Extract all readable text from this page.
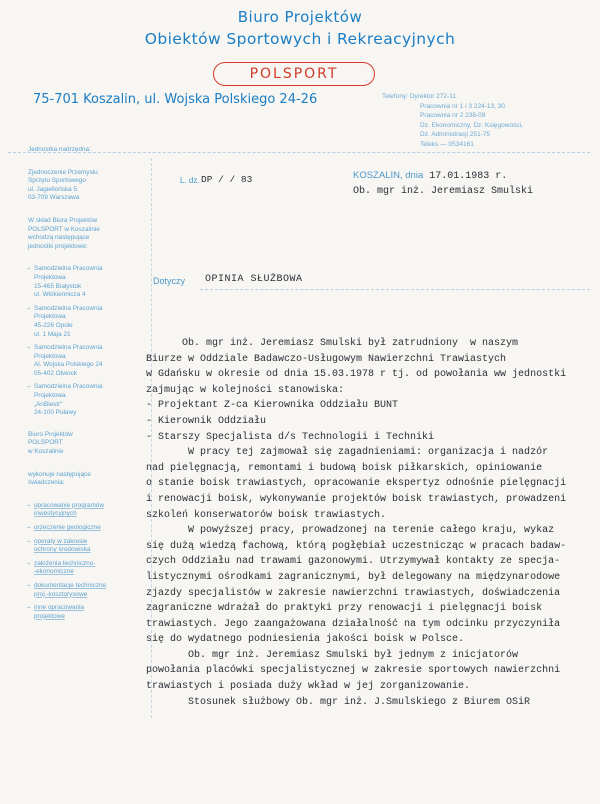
Biuro Projektów
Obiektów Sportowych i Rekreacyjnych
POLSPORT
75-701 Koszalin, ul. Wojska Polskiego 24-26	Telefony: Dyrektor 272-11
Pracownia nr 1 i 3 224-13, 30
Pracownia nr 2 238-09
Dz. Ekonomiczny, Dz. Księgowości,
Dz. Administracji 251-75
Teleks — 0534161
Jednostka nadrzędna:
Zjednoczenie Przemysłu
Sprzętu Sportowego
ul. Jagiellońska 5
03-709 Warszawa
W skład Biura Projektów
POLSPORT w Koszalinie
wchodzą następujące
jednostki projektowe:
– Samodzielna Pracownia
Projektowa
15-465 Białystok
ul. Włókiennicza 4
– Samodzielna Pracownia
Projektowa
45-226 Opole
ul. 1 Maja 21
– Samodzielna Pracownia
Projektowa
Al. Wojska Polskiego 24
05-402 Otwock
– Samodzielna Pracownia
Projektowa
„AnBiestr"
24-100 Puławy
Biuro Projektów
POLSPORT
w Koszalinie
wykonuje następujące
świadczenia:
– opracowanie programów
inwestycyjnych
– orzeczenie geologiczne
– operaty w zakresie
ochrony środowiska
– założenia techniczno-
-ekonomiczne
– dokumentacje techniczne
proj.-kosztorysowe
– inne opracowania
projektowe
L. dz. DP / / 83	KOSZALIN, dnia 17.01.1983 r.
Ob. mgr inż. Jeremiasz Smulski
Dotyczy OPINIA SŁUŻBOWA
Ob. mgr inż. Jeremiasz Smulski był zatrudniony  w naszym
Biurze w Oddziale Badawczo-Usługowym Nawierzchni Trawiastych
w Gdańsku w okresie od dnia 15.03.1978 r tj. od powołania ww jednostki
zajmując w kolejności stanowiska:
- Projektant Z-ca Kierownika Oddziału BUNT
- Kierownik Oddziału
- Starszy Specjalista d/s Technologii i Techniki
W pracy tej zajmował się zagadnieniami: organizacja i nadzór
nad pielęgnacją, remontami i budową boisk piłkarskich, opiniowanie
o stanie boisk trawiastych, opracowanie ekspertyz odnośnie pielęgnacji
i renowacji boisk, wykonywanie projektów boisk trawiastych, prowadzeni
szkoleń konserwatorów boisk trawiastych.
W powyższej pracy, prowadzonej na terenie całego kraju, wykaz
się dużą wiedzą fachową, którą pogłębiał uczestnicząc w pracach badaw-
czych Oddziału nad trawami gazonowymi. Utrzymywał kontakty ze specja-
listycznymi ośrodkami zagranicznymi, był delegowany na międzynarodowe
zjazdy specjalistów w zakresie nawierzchni trawiastych, doświadczenia
zagraniczne wdrażał do praktyki przy renowacji i pielęgnacji boisk
trawiastych. Jego zaangażowana działalność na tym odcinku przyczyniła
się do wydatnego podniesienia jakości boisk w Polsce.
Ob. mgr inż. Jeremiasz Smulski był jednym z inicjatorów
powołania placówki specjalistycznej w zakresie sportowych nawierzchni
trawiastych i posiada duży wkład w jej zorganizowanie.
Stosunek służbowy Ob. mgr inż. J.Smulskiego z Biurem OSiR
